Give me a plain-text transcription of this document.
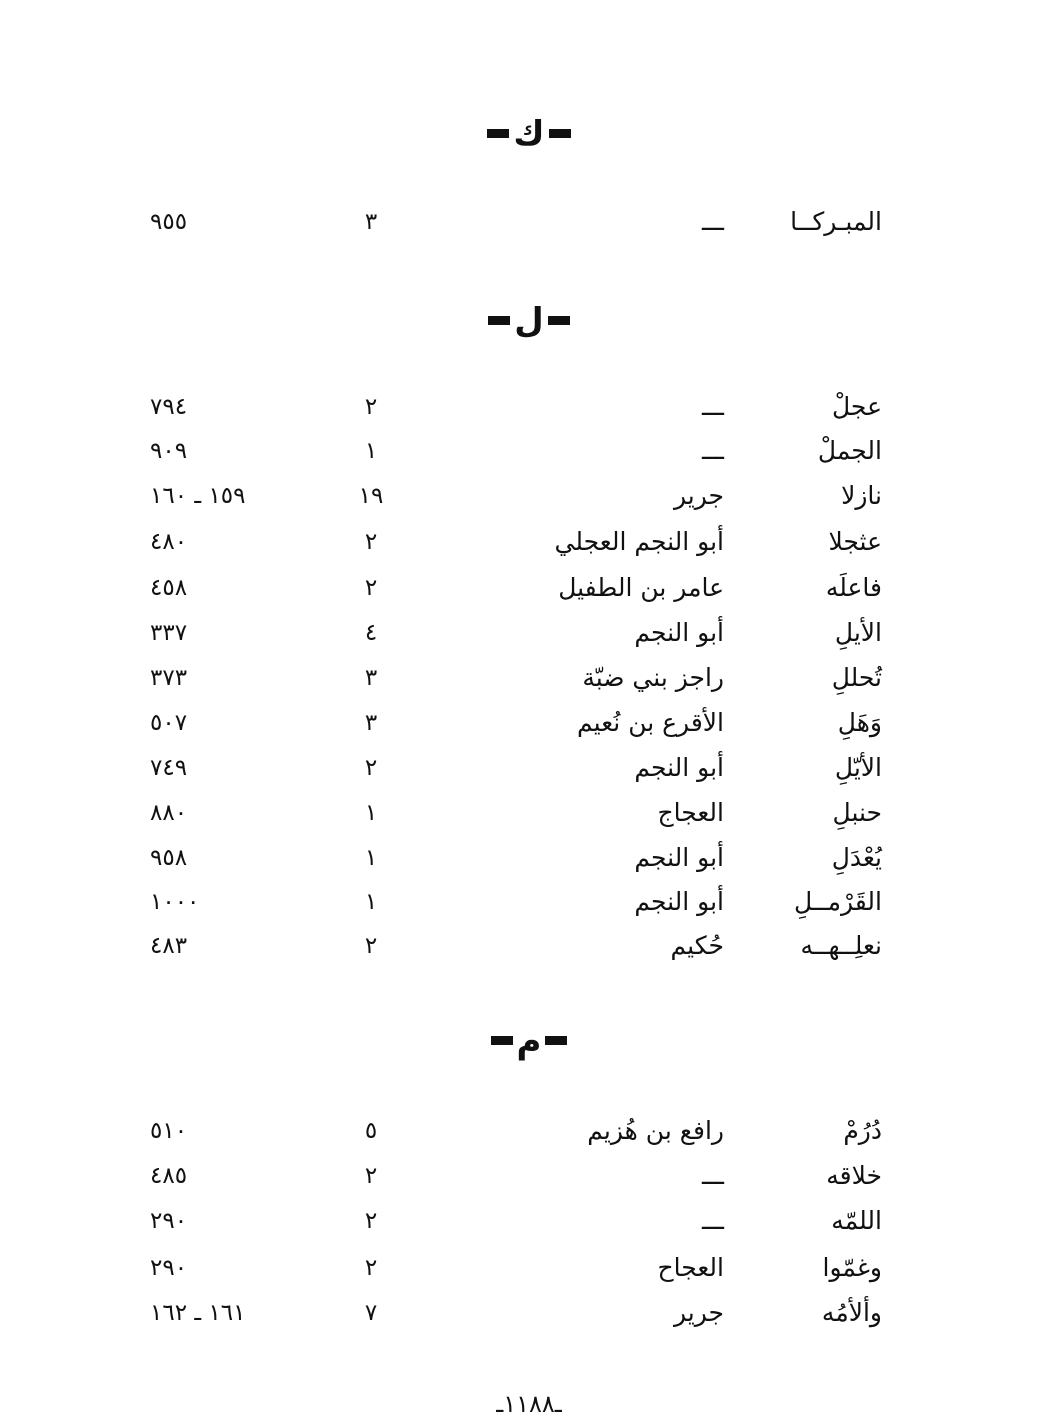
ك
المبـركــا
ـــ
٣
٩٥٥
ل
عجلْ
ـــ
٢
٧٩٤
الجملْ
ـــ
١
٩٠٩
نازلا
جرير
١٩
١٥٩ ـ ١٦٠
عثجلا
أبو النجم العجلي
٢
٤٨٠
فاعلَه
عامر بن الطفيل
٢
٤٥٨
الأيلِ
أبو النجم
٤
٣٣٧
تُحللِ
راجز بني ضبّة
٣
٣٧٣
وَهَلِ
الأقرع بن نُعيم
٣
٥٠٧
الأيّلِ
أبو النجم
٢
٧٤٩
حنبلِ
العجاج
١
٨٨٠
يُعْدَلِ
أبو النجم
١
٩٥٨
القَرْمــلِ
أبو النجم
١
١٠٠٠
نعلِــهــه
حُكيم
٢
٤٨٣
م
دُرُمْ
رافع بن هُزيم
٥
٥١٠
خلاقه
ـــ
٢
٤٨٥
اللمّه
ـــ
٢
٢٩٠
وغمّوا
العجاح
٢
٢٩٠
وألأمُه
جرير
٧
١٦١ ـ ١٦٢
ـ١١٨٨ـ
